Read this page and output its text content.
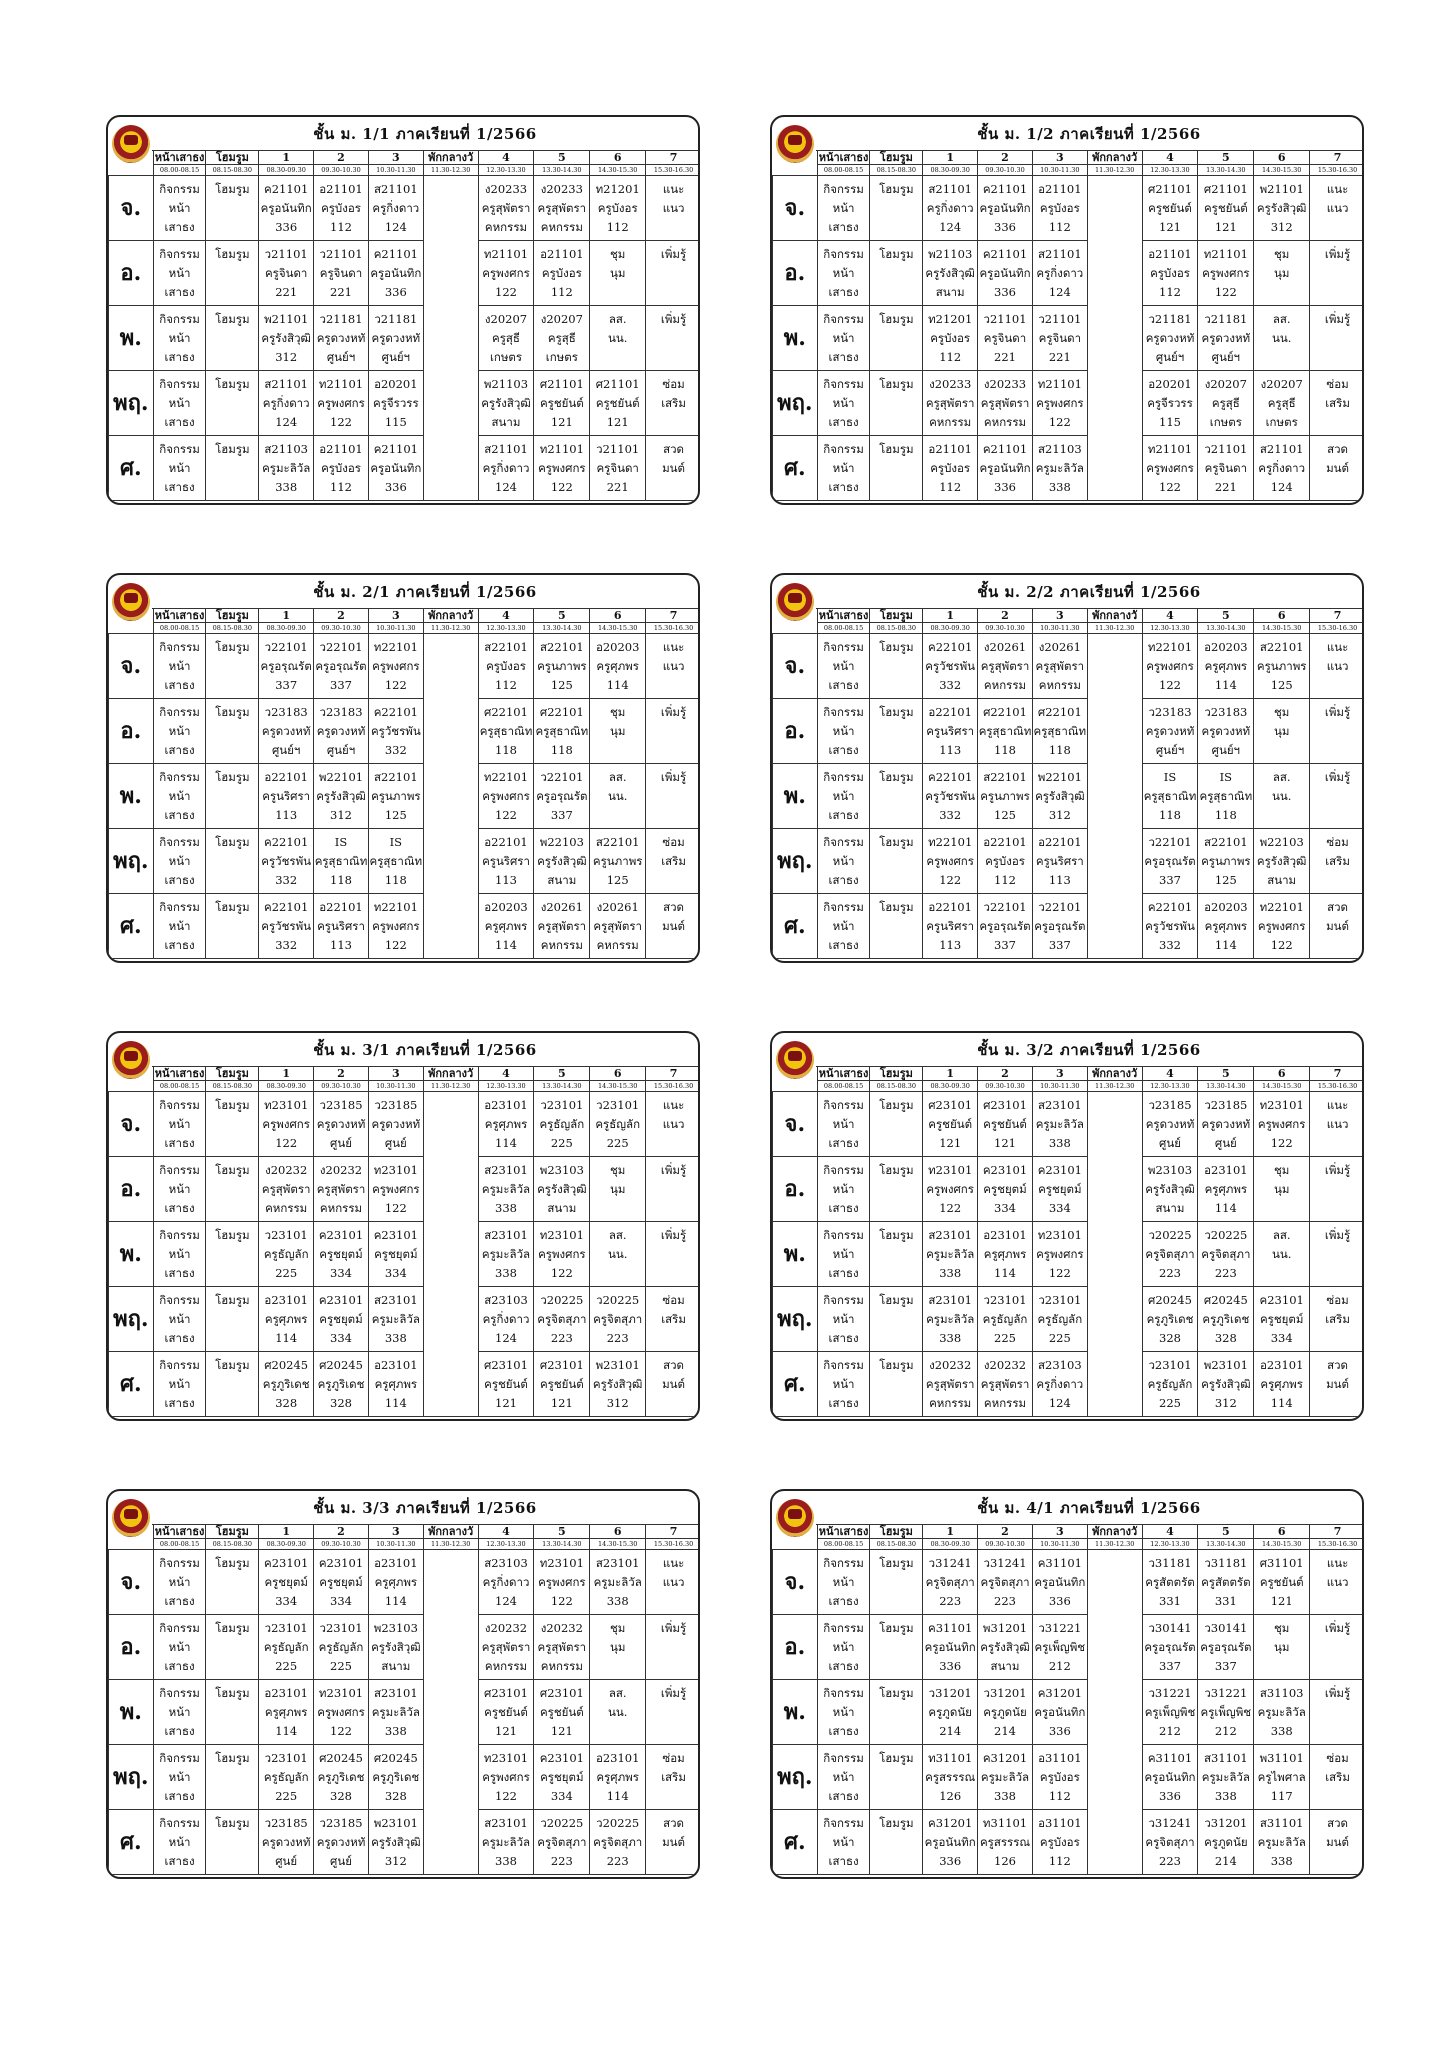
ชั้น ม. 1/1 ภาคเรียนที่ 1/2566
	หน้าเสาธง	โฮมรูม	1	2	3	พักกลางวั	4	5	6	7
	08.00-08.15	08.15-08.30	08.30-09.30	09.30-10.30	10.30-11.30	11.30-12.30	12.30-13.30	13.30-14.30	14.30-15.30	15.30-16.30
จ.	กิจกรรม
หน้า
เสาธง	โฮมรูม	ค21101
ครูอนันทิก
336	อ21101
ครูบังอร
112	ส21101
ครูกิ่งดาว
124		ง20233
ครูสุพัตรา
คหกรรม	ง20233
ครูสุพัตรา
คหกรรม	ท21201
ครูบังอร
112	แนะ
แนว

อ.	กิจกรรม
หน้า
เสาธง	โฮมรูม	ว21101
ครูจินดา
221	ว21101
ครูจินดา
221	ค21101
ครูอนันทิก
336		ท21101
ครูพงศกร
122	อ21101
ครูบังอร
112	ชุม
นุม	เพิ่มรู้

พ.	กิจกรรม
หน้า
เสาธง	โฮมรูม	พ21101
ครูรังสิวุฒิ
312	ว21181
ครูดวงหทั
ศูนย์ฯ	ว21181
ครูดวงหทั
ศูนย์ฯ		ง20207
ครูสุธี
เกษตร	ง20207
ครูสุธี
เกษตร	ลส.
นน.	เพิ่มรู้

พฤ.	กิจกรรม
หน้า
เสาธง	โฮมรูม	ส21101
ครูกิ่งดาว
124	ท21101
ครูพงศกร
122	อ20201
ครูจีรวรร
115		พ21103
ครูรังสิวุฒิ
สนาม	ศ21101
ครูชยันต์
121	ศ21101
ครูชยันต์
121	ซ่อม
เสริม

ศ.	กิจกรรม
หน้า
เสาธง	โฮมรูม	ส21103
ครูมะลิวัล
338	อ21101
ครูบังอร
112	ค21101
ครูอนันทิก
336		ส21101
ครูกิ่งดาว
124	ท21101
ครูพงศกร
122	ว21101
ครูจินดา
221	สวด
มนต์
ชั้น ม. 1/2 ภาคเรียนที่ 1/2566
	หน้าเสาธง	โฮมรูม	1	2	3	พักกลางวั	4	5	6	7
	08.00-08.15	08.15-08.30	08.30-09.30	09.30-10.30	10.30-11.30	11.30-12.30	12.30-13.30	13.30-14.30	14.30-15.30	15.30-16.30
จ.	กิจกรรม
หน้า
เสาธง	โฮมรูม	ส21101
ครูกิ่งดาว
124	ค21101
ครูอนันทิก
336	อ21101
ครูบังอร
112		ศ21101
ครูชยันต์
121	ศ21101
ครูชยันต์
121	พ21101
ครูรังสิวุฒิ
312	แนะ
แนว

อ.	กิจกรรม
หน้า
เสาธง	โฮมรูม	พ21103
ครูรังสิวุฒิ
สนาม	ค21101
ครูอนันทิก
336	ส21101
ครูกิ่งดาว
124		อ21101
ครูบังอร
112	ท21101
ครูพงศกร
122	ชุม
นุม	เพิ่มรู้

พ.	กิจกรรม
หน้า
เสาธง	โฮมรูม	ท21201
ครูบังอร
112	ว21101
ครูจินดา
221	ว21101
ครูจินดา
221		ว21181
ครูดวงหทั
ศูนย์ฯ	ว21181
ครูดวงหทั
ศูนย์ฯ	ลส.
นน.	เพิ่มรู้

พฤ.	กิจกรรม
หน้า
เสาธง	โฮมรูม	ง20233
ครูสุพัตรา
คหกรรม	ง20233
ครูสุพัตรา
คหกรรม	ท21101
ครูพงศกร
122		อ20201
ครูจีรวรร
115	ง20207
ครูสุธี
เกษตร	ง20207
ครูสุธี
เกษตร	ซ่อม
เสริม

ศ.	กิจกรรม
หน้า
เสาธง	โฮมรูม	อ21101
ครูบังอร
112	ค21101
ครูอนันทิก
336	ส21103
ครูมะลิวัล
338		ท21101
ครูพงศกร
122	ว21101
ครูจินดา
221	ส21101
ครูกิ่งดาว
124	สวด
มนต์
ชั้น ม. 2/1 ภาคเรียนที่ 1/2566
	หน้าเสาธง	โฮมรูม	1	2	3	พักกลางวั	4	5	6	7
	08.00-08.15	08.15-08.30	08.30-09.30	09.30-10.30	10.30-11.30	11.30-12.30	12.30-13.30	13.30-14.30	14.30-15.30	15.30-16.30
จ.	กิจกรรม
หน้า
เสาธง	โฮมรูม	ว22101
ครูอรุณรัต
337	ว22101
ครูอรุณรัต
337	ท22101
ครูพงศกร
122		ส22101
ครูบังอร
112	ส22101
ครูนภาพร
125	อ20203
ครูศุภพร
114	แนะ
แนว

อ.	กิจกรรม
หน้า
เสาธง	โฮมรูม	ว23183
ครูดวงหทั
ศูนย์ฯ	ว23183
ครูดวงหทั
ศูนย์ฯ	ค22101
ครูวัชรพัน
332		ศ22101
ครูสุธาณิท
118	ศ22101
ครูสุธาณิท
118	ชุม
นุม	เพิ่มรู้

พ.	กิจกรรม
หน้า
เสาธง	โฮมรูม	อ22101
ครูนริศรา
113	พ22101
ครูรังสิวุฒิ
312	ส22101
ครูนภาพร
125		ท22101
ครูพงศกร
122	ว22101
ครูอรุณรัต
337	ลส.
นน.	เพิ่มรู้

พฤ.	กิจกรรม
หน้า
เสาธง	โฮมรูม	ค22101
ครูวัชรพัน
332	IS
ครูสุธาณิท
118	IS
ครูสุธาณิท
118		อ22101
ครูนริศรา
113	พ22103
ครูรังสิวุฒิ
สนาม	ส22101
ครูนภาพร
125	ซ่อม
เสริม

ศ.	กิจกรรม
หน้า
เสาธง	โฮมรูม	ค22101
ครูวัชรพัน
332	อ22101
ครูนริศรา
113	ท22101
ครูพงศกร
122		อ20203
ครูศุภพร
114	ง20261
ครูสุพัตรา
คหกรรม	ง20261
ครูสุพัตรา
คหกรรม	สวด
มนต์
ชั้น ม. 2/2 ภาคเรียนที่ 1/2566
	หน้าเสาธง	โฮมรูม	1	2	3	พักกลางวั	4	5	6	7
	08.00-08.15	08.15-08.30	08.30-09.30	09.30-10.30	10.30-11.30	11.30-12.30	12.30-13.30	13.30-14.30	14.30-15.30	15.30-16.30
จ.	กิจกรรม
หน้า
เสาธง	โฮมรูม	ค22101
ครูวัชรพัน
332	ง20261
ครูสุพัตรา
คหกรรม	ง20261
ครูสุพัตรา
คหกรรม		ท22101
ครูพงศกร
122	อ20203
ครูศุภพร
114	ส22101
ครูนภาพร
125	แนะ
แนว

อ.	กิจกรรม
หน้า
เสาธง	โฮมรูม	อ22101
ครูนริศรา
113	ศ22101
ครูสุธาณิท
118	ศ22101
ครูสุธาณิท
118		ว23183
ครูดวงหทั
ศูนย์ฯ	ว23183
ครูดวงหทั
ศูนย์ฯ	ชุม
นุม	เพิ่มรู้

พ.	กิจกรรม
หน้า
เสาธง	โฮมรูม	ค22101
ครูวัชรพัน
332	ส22101
ครูนภาพร
125	พ22101
ครูรังสิวุฒิ
312		IS
ครูสุธาณิท
118	IS
ครูสุธาณิท
118	ลส.
นน.	เพิ่มรู้

พฤ.	กิจกรรม
หน้า
เสาธง	โฮมรูม	ท22101
ครูพงศกร
122	อ22101
ครูบังอร
112	อ22101
ครูนริศรา
113		ว22101
ครูอรุณรัต
337	ส22101
ครูนภาพร
125	พ22103
ครูรังสิวุฒิ
สนาม	ซ่อม
เสริม

ศ.	กิจกรรม
หน้า
เสาธง	โฮมรูม	อ22101
ครูนริศรา
113	ว22101
ครูอรุณรัต
337	ว22101
ครูอรุณรัต
337		ค22101
ครูวัชรพัน
332	อ20203
ครูศุภพร
114	ท22101
ครูพงศกร
122	สวด
มนต์
ชั้น ม. 3/1 ภาคเรียนที่ 1/2566
	หน้าเสาธง	โฮมรูม	1	2	3	พักกลางวั	4	5	6	7
	08.00-08.15	08.15-08.30	08.30-09.30	09.30-10.30	10.30-11.30	11.30-12.30	12.30-13.30	13.30-14.30	14.30-15.30	15.30-16.30
จ.	กิจกรรม
หน้า
เสาธง	โฮมรูม	ท23101
ครูพงศกร
122	ว23185
ครูดวงหทั
ศูนย์	ว23185
ครูดวงหทั
ศูนย์		อ23101
ครูศุภพร
114	ว23101
ครูธัญลัก
225	ว23101
ครูธัญลัก
225	แนะ
แนว

อ.	กิจกรรม
หน้า
เสาธง	โฮมรูม	ง20232
ครูสุพัตรา
คหกรรม	ง20232
ครูสุพัตรา
คหกรรม	ท23101
ครูพงศกร
122		ส23101
ครูมะลิวัล
338	พ23103
ครูรังสิวุฒิ
สนาม	ชุม
นุม	เพิ่มรู้

พ.	กิจกรรม
หน้า
เสาธง	โฮมรูม	ว23101
ครูธัญลัก
225	ค23101
ครูชยุตม์
334	ค23101
ครูชยุตม์
334		ส23101
ครูมะลิวัล
338	ท23101
ครูพงศกร
122	ลส.
นน.	เพิ่มรู้

พฤ.	กิจกรรม
หน้า
เสาธง	โฮมรูม	อ23101
ครูศุภพร
114	ค23101
ครูชยุตม์
334	ส23101
ครูมะลิวัล
338		ส23103
ครูกิ่งดาว
124	ว20225
ครูจิตสุภา
223	ว20225
ครูจิตสุภา
223	ซ่อม
เสริม

ศ.	กิจกรรม
หน้า
เสาธง	โฮมรูม	ศ20245
ครูภูริเดช
328	ศ20245
ครูภูริเดช
328	อ23101
ครูศุภพร
114		ศ23101
ครูชยันต์
121	ศ23101
ครูชยันต์
121	พ23101
ครูรังสิวุฒิ
312	สวด
มนต์
ชั้น ม. 3/2 ภาคเรียนที่ 1/2566
	หน้าเสาธง	โฮมรูม	1	2	3	พักกลางวั	4	5	6	7
	08.00-08.15	08.15-08.30	08.30-09.30	09.30-10.30	10.30-11.30	11.30-12.30	12.30-13.30	13.30-14.30	14.30-15.30	15.30-16.30
จ.	กิจกรรม
หน้า
เสาธง	โฮมรูม	ศ23101
ครูชยันต์
121	ศ23101
ครูชยันต์
121	ส23101
ครูมะลิวัล
338		ว23185
ครูดวงหทั
ศูนย์	ว23185
ครูดวงหทั
ศูนย์	ท23101
ครูพงศกร
122	แนะ
แนว

อ.	กิจกรรม
หน้า
เสาธง	โฮมรูม	ท23101
ครูพงศกร
122	ค23101
ครูชยุตม์
334	ค23101
ครูชยุตม์
334		พ23103
ครูรังสิวุฒิ
สนาม	อ23101
ครูศุภพร
114	ชุม
นุม	เพิ่มรู้

พ.	กิจกรรม
หน้า
เสาธง	โฮมรูม	ส23101
ครูมะลิวัล
338	อ23101
ครูศุภพร
114	ท23101
ครูพงศกร
122		ว20225
ครูจิตสุภา
223	ว20225
ครูจิตสุภา
223	ลส.
นน.	เพิ่มรู้

พฤ.	กิจกรรม
หน้า
เสาธง	โฮมรูม	ส23101
ครูมะลิวัล
338	ว23101
ครูธัญลัก
225	ว23101
ครูธัญลัก
225		ศ20245
ครูภูริเดช
328	ศ20245
ครูภูริเดช
328	ค23101
ครูชยุตม์
334	ซ่อม
เสริม

ศ.	กิจกรรม
หน้า
เสาธง	โฮมรูม	ง20232
ครูสุพัตรา
คหกรรม	ง20232
ครูสุพัตรา
คหกรรม	ส23103
ครูกิ่งดาว
124		ว23101
ครูธัญลัก
225	พ23101
ครูรังสิวุฒิ
312	อ23101
ครูศุภพร
114	สวด
มนต์
ชั้น ม. 3/3 ภาคเรียนที่ 1/2566
	หน้าเสาธง	โฮมรูม	1	2	3	พักกลางวั	4	5	6	7
	08.00-08.15	08.15-08.30	08.30-09.30	09.30-10.30	10.30-11.30	11.30-12.30	12.30-13.30	13.30-14.30	14.30-15.30	15.30-16.30
จ.	กิจกรรม
หน้า
เสาธง	โฮมรูม	ค23101
ครูชยุตม์
334	ค23101
ครูชยุตม์
334	อ23101
ครูศุภพร
114		ส23103
ครูกิ่งดาว
124	ท23101
ครูพงศกร
122	ส23101
ครูมะลิวัล
338	แนะ
แนว

อ.	กิจกรรม
หน้า
เสาธง	โฮมรูม	ว23101
ครูธัญลัก
225	ว23101
ครูธัญลัก
225	พ23103
ครูรังสิวุฒิ
สนาม		ง20232
ครูสุพัตรา
คหกรรม	ง20232
ครูสุพัตรา
คหกรรม	ชุม
นุม	เพิ่มรู้

พ.	กิจกรรม
หน้า
เสาธง	โฮมรูม	อ23101
ครูศุภพร
114	ท23101
ครูพงศกร
122	ส23101
ครูมะลิวัล
338		ศ23101
ครูชยันต์
121	ศ23101
ครูชยันต์
121	ลส.
นน.	เพิ่มรู้

พฤ.	กิจกรรม
หน้า
เสาธง	โฮมรูม	ว23101
ครูธัญลัก
225	ศ20245
ครูภูริเดช
328	ศ20245
ครูภูริเดช
328		ท23101
ครูพงศกร
122	ค23101
ครูชยุตม์
334	อ23101
ครูศุภพร
114	ซ่อม
เสริม

ศ.	กิจกรรม
หน้า
เสาธง	โฮมรูม	ว23185
ครูดวงหทั
ศูนย์	ว23185
ครูดวงหทั
ศูนย์	พ23101
ครูรังสิวุฒิ
312		ส23101
ครูมะลิวัล
338	ว20225
ครูจิตสุภา
223	ว20225
ครูจิตสุภา
223	สวด
มนต์
ชั้น ม. 4/1 ภาคเรียนที่ 1/2566
	หน้าเสาธง	โฮมรูม	1	2	3	พักกลางวั	4	5	6	7
	08.00-08.15	08.15-08.30	08.30-09.30	09.30-10.30	10.30-11.30	11.30-12.30	12.30-13.30	13.30-14.30	14.30-15.30	15.30-16.30
จ.	กิจกรรม
หน้า
เสาธง	โฮมรูม	ว31241
ครูจิตสุภา
223	ว31241
ครูจิตสุภา
223	ค31101
ครูอนันทิก
336		ว31181
ครูสัตตรัต
331	ว31181
ครูสัตตรัต
331	ศ31101
ครูชยันต์
121	แนะ
แนว

อ.	กิจกรรม
หน้า
เสาธง	โฮมรูม	ค31101
ครูอนันทิก
336	พ31201
ครูรังสิวุฒิ
สนาม	ว31221
ครูเพ็ญพิช
212		ว30141
ครูอรุณรัต
337	ว30141
ครูอรุณรัต
337	ชุม
นุม	เพิ่มรู้

พ.	กิจกรรม
หน้า
เสาธง	โฮมรูม	ว31201
ครูภูดนัย
214	ว31201
ครูภูดนัย
214	ค31201
ครูอนันทิก
336		ว31221
ครูเพ็ญพิช
212	ว31221
ครูเพ็ญพิช
212	ส31103
ครูมะลิวัล
338	เพิ่มรู้

พฤ.	กิจกรรม
หน้า
เสาธง	โฮมรูม	ท31101
ครูสรรรณ
126	ค31201
ครูมะลิวัล
338	อ31101
ครูบังอร
112		ค31101
ครูอนันทิก
336	ส31101
ครูมะลิวัล
338	พ31101
ครูไพศาล
117	ซ่อม
เสริม

ศ.	กิจกรรม
หน้า
เสาธง	โฮมรูม	ค31201
ครูอนันทิก
336	ท31101
ครูสรรรณ
126	อ31101
ครูบังอร
112		ว31241
ครูจิตสุภา
223	ว31201
ครูภูดนัย
214	ส31101
ครูมะลิวัล
338	สวด
มนต์
